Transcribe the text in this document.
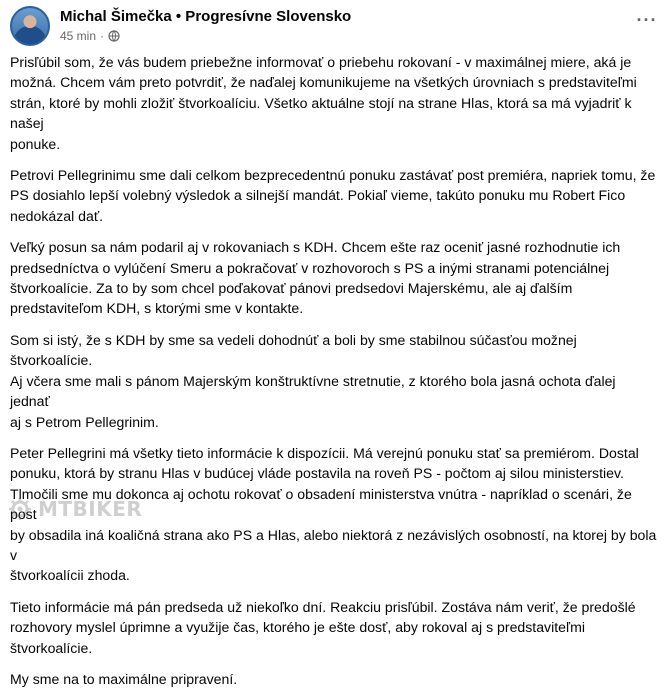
Michal Šimečka • Progresívne Slovensko
45 min ·
···

Prisľúbil som, že vás budem priebežne informovať o priebehu rokovaní - v maximálnej miere, aká je
možná. Chcem vám preto potvrdiť, že naďalej komunikujeme na všetkých úrovniach s predstaviteľmi
strán, ktoré by mohli zložiť štvorkoalíciu. Všetko aktuálne stojí na strane Hlas, ktorá sa má vyjadriť k našej
ponuke.

Petrovi Pellegrinimu sme dali celkom bezprecedentnú ponuku zastávať post premiéra, napriek tomu, že
PS dosiahlo lepší volebný výsledok a silnejší mandát. Pokiaľ vieme, takúto ponuku mu Robert Fico
nedokázal dať.

Veľký posun sa nám podaril aj v rokovaniach s KDH. Chcem ešte raz oceniť jasné rozhodnutie ich
predsedníctva o vylúčení Smeru a pokračovať v rozhovoroch s PS a inými stranami potenciálnej
štvorkoalície. Za to by som chcel poďakovať pánovi predsedovi Majerskému, ale aj ďalším
predstaviteľom KDH, s ktorými sme v kontakte.

Som si istý, že s KDH by sme sa vedeli dohodnúť a boli by sme stabilnou súčasťou možnej štvorkoalície.
Aj včera sme mali s pánom Majerským konštruktívne stretnutie, z ktorého bola jasná ochota ďalej jednať
aj s Petrom Pellegrinim.

Peter Pellegrini má všetky tieto informácie k dispozícii. Má verejnú ponuku stať sa premiérom. Dostal
ponuku, ktorá by stranu Hlas v budúcej vláde postavila na roveň PS - počtom aj silou ministerstiev.
Tlmočili sme mu dokonca aj ochotu rokovať o obsadení ministerstva vnútra - napríklad o scenári, že post
by obsadila iná koaličná strana ako PS a Hlas, alebo niektorá z nezávislých osobností, na ktorej by bola v
štvorkoalícii zhoda.

Tieto informácie má pán predseda už niekoľko dní. Reakciu prisľúbil. Zostáva nám veriť, že predošlé
rozhovory myslel úprimne a využije čas, ktorého je ešte dosť, aby rokoval aj s predstaviteľmi
štvorkoalície.

My sme na to maximálne pripravení.

MTBIKER
